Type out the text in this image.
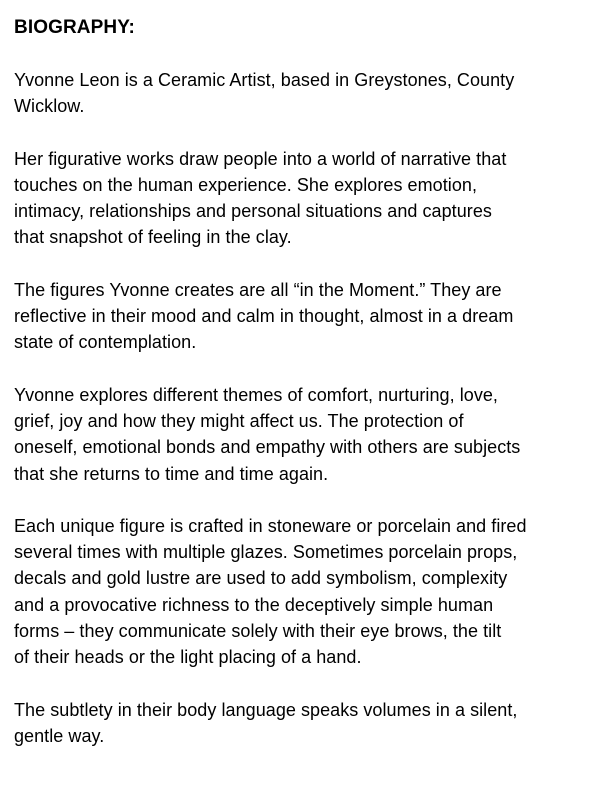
BIOGRAPHY:

Yvonne Leon is a Ceramic Artist, based in Greystones, County
Wicklow.

Her figurative works draw people into a world of narrative that
touches on the human experience. She explores emotion,
intimacy, relationships and personal situations and captures
that snapshot of feeling in the clay.

The figures Yvonne creates are all “in the Moment.” They are
reflective in their mood and calm in thought, almost in a dream
state of contemplation.

Yvonne explores different themes of comfort, nurturing, love,
grief, joy and how they might affect us. The protection of
oneself, emotional bonds and empathy with others are subjects
that she returns to time and time again.

Each unique figure is crafted in stoneware or porcelain and fired
several times with multiple glazes. Sometimes porcelain props,
decals and gold lustre are used to add symbolism, complexity
and a provocative richness to the deceptively simple human
forms – they communicate solely with their eye brows, the tilt
of their heads or the light placing of a hand.

The subtlety in their body language speaks volumes in a silent,
gentle way.
